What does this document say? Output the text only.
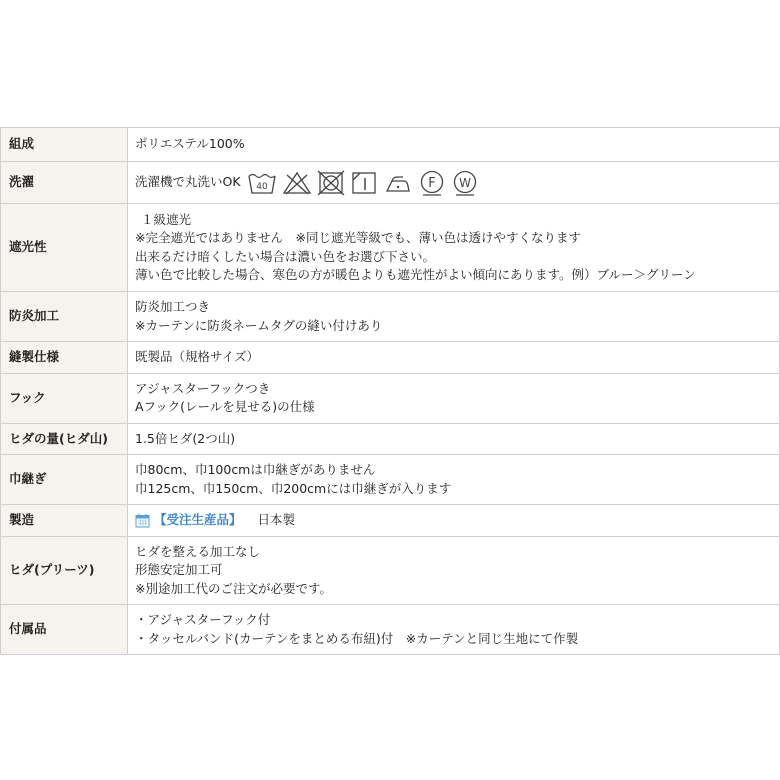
組成	ポリエステル100%
洗濯	洗濯機で丸洗いOK 40 F W

遮光性	１級遮光
※完全遮光ではありません　※同じ遮光等級でも、薄い色は透けやすくなります
出来るだけ暗くしたい場合は濃い色をお選び下さい。
薄い色で比較した場合、寒色の方が暖色よりも遮光性がよい傾向にあります。例）ブルー＞グリーン

防炎加工	防炎加工つき
※カーテンに防炎ネームタグの縫い付けあり

縫製仕様	既製品（規格サイズ）
フック	アジャスターフックつき
Aフック(レールを見せる)の仕様

ヒダの量(ヒダ山)	1.5倍ヒダ(2つ山)
巾継ぎ	巾80cm、巾100cmは巾継ぎがありません
巾125cm、巾150cm、巾200cmには巾継ぎが入ります

製造	【受注生産品】 日本製

ヒダ(プリーツ)	ヒダを整える加工なし
形態安定加工可
※別途加工代のご注文が必要です。

付属品	・アジャスターフック付
・タッセルバンド(カーテンをまとめる布紐)付　※カーテンと同じ生地にて作製
